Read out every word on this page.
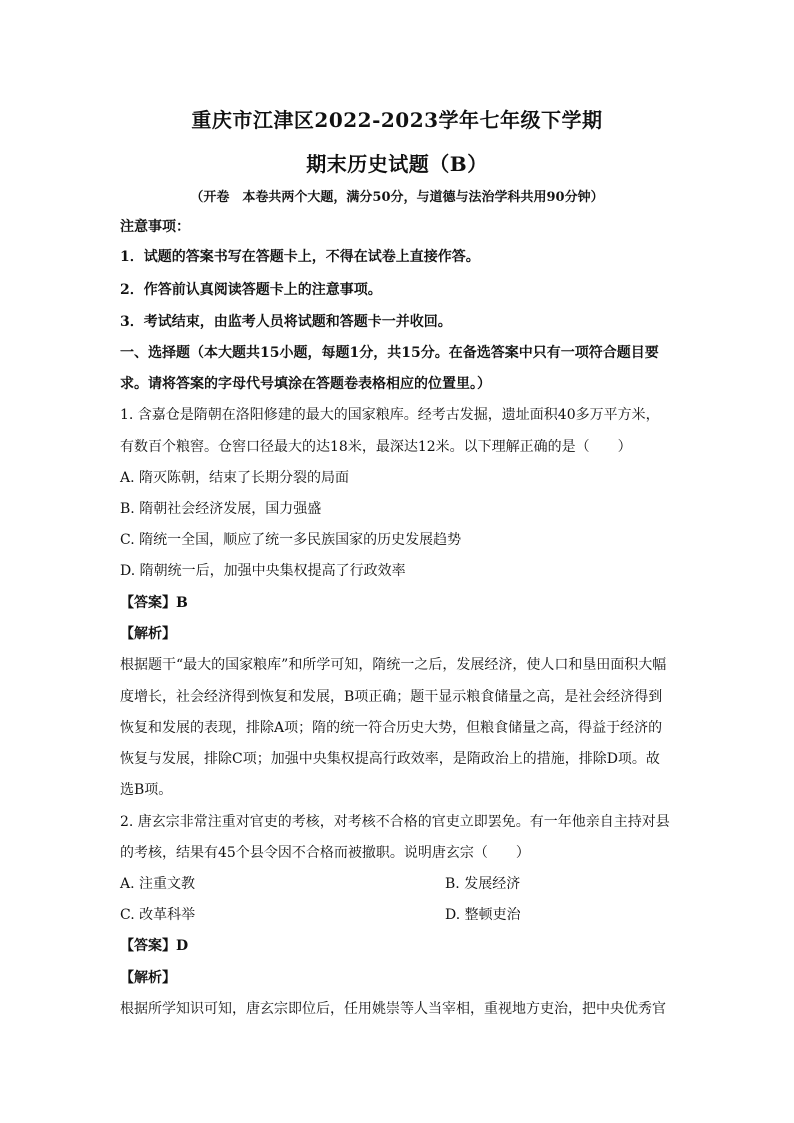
重庆市江津区2022-2023学年七年级下学期
期末历史试题（B）
（开卷　本卷共两个大题，满分50分，与道德与法治学科共用90分钟）
注意事项：
1．试题的答案书写在答题卡上，不得在试卷上直接作答。
2．作答前认真阅读答题卡上的注意事项。
3．考试结束，由监考人员将试题和答题卡一并收回。
一、选择题（本大题共15小题，每题1分，共15分。在备选答案中只有一项符合题目要
求。请将答案的字母代号填涂在答题卷表格相应的位置里。）
1. 含嘉仓是隋朝在洛阳修建的最大的国家粮库。经考古发掘，遗址面积40多万平方米，
有数百个粮窖。仓窖口径最大的达18米，最深达12米。以下理解正确的是（　　）
A. 隋灭陈朝，结束了长期分裂的局面
B. 隋朝社会经济发展，国力强盛
C. 隋统一全国，顺应了统一多民族国家的历史发展趋势
D. 隋朝统一后，加强中央集权提高了行政效率
【答案】B
【解析】
根据题干“最大的国家粮库”和所学可知，隋统一之后，发展经济，使人口和垦田面积大幅
度增长，社会经济得到恢复和发展，B项正确；题干显示粮食储量之高，是社会经济得到
恢复和发展的表现，排除A项；隋的统一符合历史大势，但粮食储量之高，得益于经济的
恢复与发展，排除C项；加强中央集权提高行政效率，是隋政治上的措施，排除D项。故
选B项。
2. 唐玄宗非常注重对官吏的考核，对考核不合格的官吏立即罢免。有一年他亲自主持对县
的考核，结果有45个县令因不合格而被撤职。说明唐玄宗（　　）
A. 注重文教	B. 发展经济
C. 改革科举	D. 整顿吏治
【答案】D
【解析】
根据所学知识可知，唐玄宗即位后，任用姚崇等人当宰相，重视地方吏治，把中央优秀官
